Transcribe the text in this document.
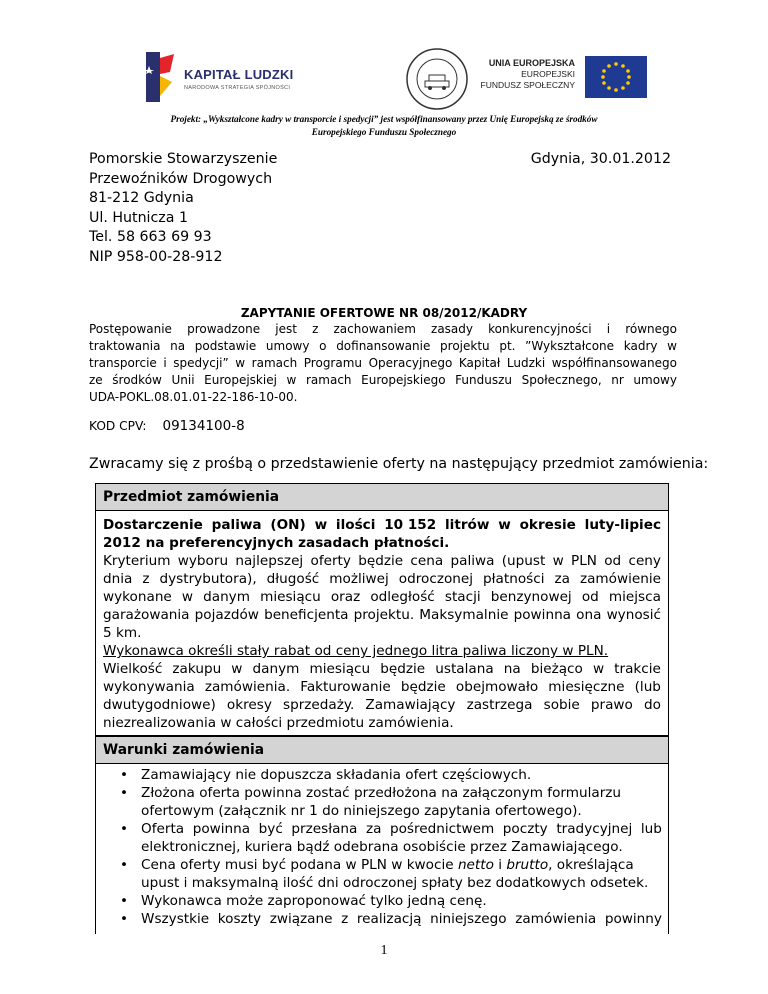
KAPITAŁ LUDZKI
NARODOWA STRATEGIA SPÓJNOŚCI
UNIA EUROPEJSKA
EUROPEJSKI
FUNDUSZ SPOŁECZNY
Projekt: „Wykształcone kadry w transporcie i spedycji” jest współfinansowany przez Unię Europejską ze środków
Europejskiego Funduszu Społecznego
Pomorskie Stowarzyszenie
Przewoźników Drogowych
81-212 Gdynia
Ul. Hutnicza 1
Tel. 58 663 69 93
NIP 958-00-28-912
Gdynia, 30.01.2012
ZAPYTANIE OFERTOWE NR 08/2012/KADRY
Postępowanie prowadzone jest z zachowaniem zasady konkurencyjności i równego
traktowania na podstawie umowy o dofinansowanie projektu pt. ”Wykształcone kadry w
transporcie i spedycji” w ramach Programu Operacyjnego Kapitał Ludzki współfinansowanego
ze środków Unii Europejskiej w ramach Europejskiego Funduszu Społecznego, nr umowy
UDA-POKL.08.01.01-22-186-10-00.
KOD CPV: 09134100-8
Zwracamy się z prośbą o przedstawienie oferty na następujący przedmiot zamówienia:
Przedmiot zamówienia
Dostarczenie paliwa (ON) w ilości 10 152 litrów w okresie luty-lipiec
2012 na preferencyjnych zasadach płatności.
Kryterium wyboru najlepszej oferty będzie cena paliwa (upust w PLN od ceny
dnia z dystrybutora), długość możliwej odroczonej płatności za zamówienie
wykonane w danym miesiącu oraz odległość stacji benzynowej od miejsca
garażowania pojazdów beneficjenta projektu. Maksymalnie powinna ona wynosić
5 km.
Wykonawca określi stały rabat od ceny jednego litra paliwa liczony w PLN.
Wielkość zakupu w danym miesiącu będzie ustalana na bieżąco w trakcie
wykonywania zamówienia. Fakturowanie będzie obejmowało miesięczne (lub
dwutygodniowe) okresy sprzedaży. Zamawiający zastrzega sobie prawo do
niezrealizowania w całości przedmiotu zamówienia.
Warunki zamówienia
• Zamawiający nie dopuszcza składania ofert częściowych.
• Złożona oferta powinna zostać przedłożona na załączonym formularzu
ofertowym (załącznik nr 1 do niniejszego zapytania ofertowego).
• Oferta powinna być przesłana za pośrednictwem poczty tradycyjnej lub
elektronicznej, kuriera bądź odebrana osobiście przez Zamawiającego.
• Cena oferty musi być podana w PLN w kwocie netto i brutto, określająca
upust i maksymalną ilość dni odroczonej spłaty bez dodatkowych odsetek.
• Wykonawca może zaproponować tylko jedną cenę.
• Wszystkie koszty związane z realizacją niniejszego zamówienia powinny
1
